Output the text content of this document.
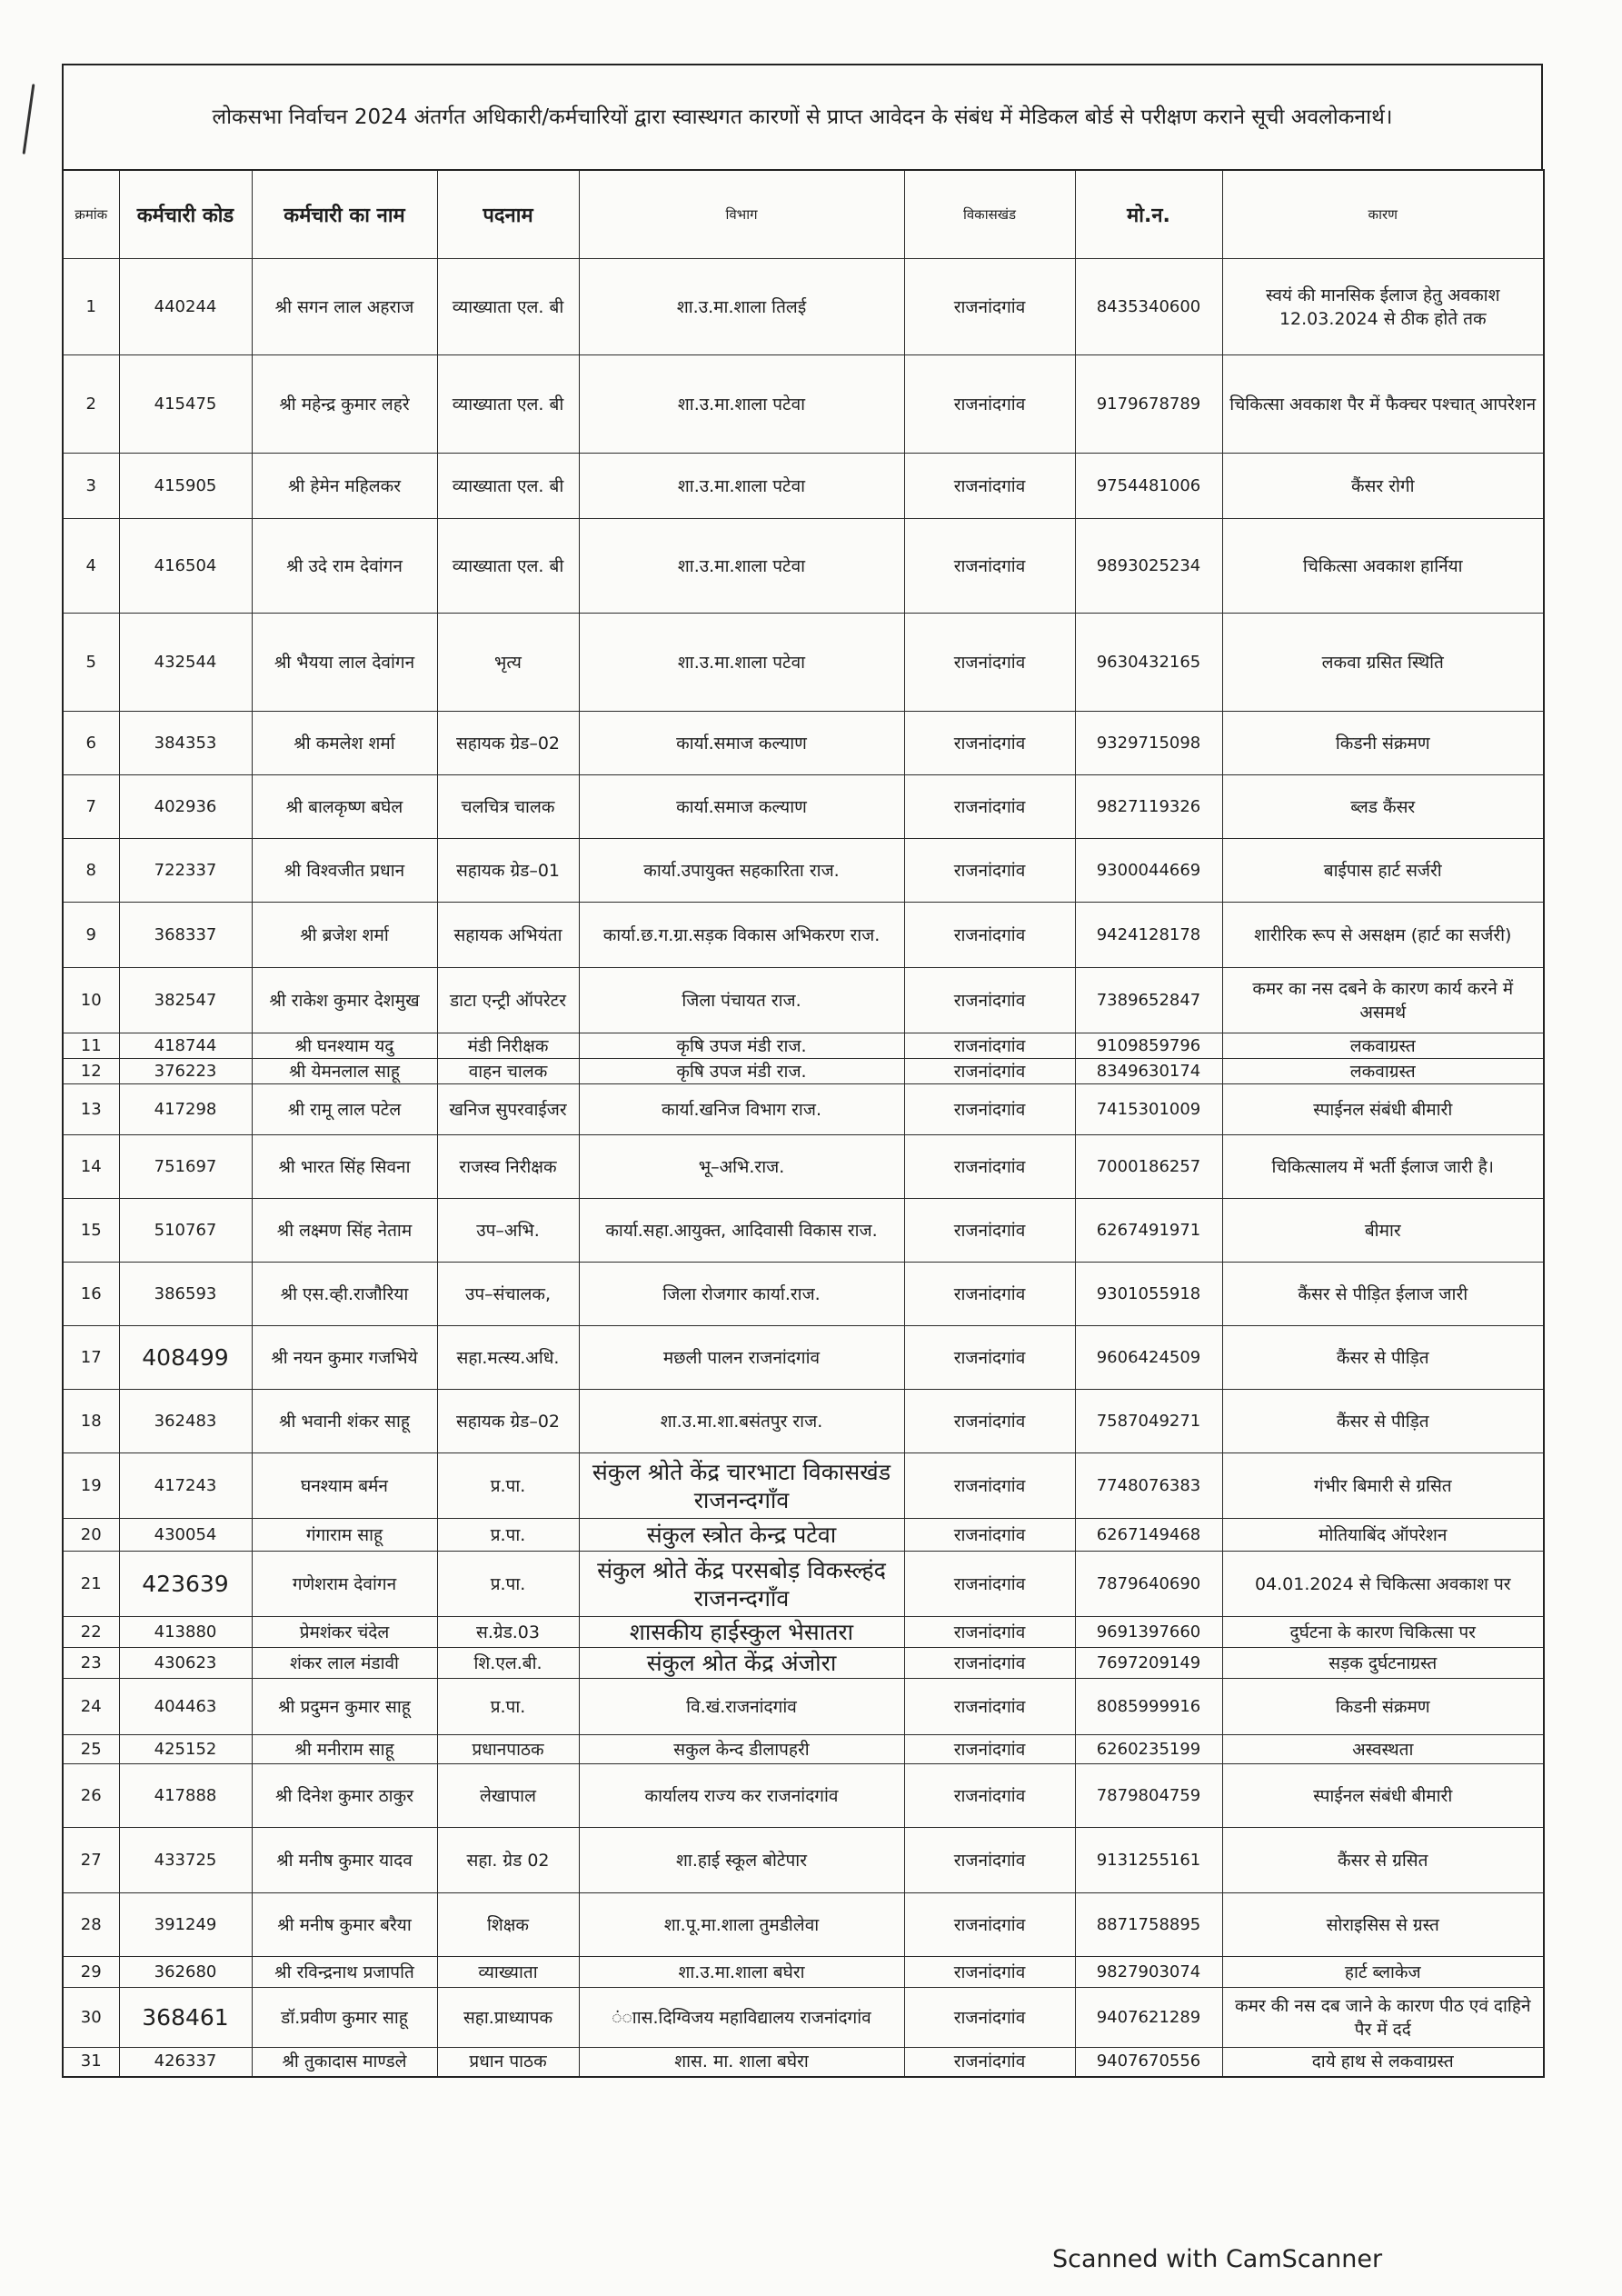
लोकसभा निर्वाचन 2024 अंतर्गत अधिकारी/कर्मचारियों द्वारा स्वास्थगत कारणों से प्राप्त आवेदन के संबंध में मेडिकल बोर्ड से परीक्षण कराने सूची अवलोकनार्थ।
क्रमांक	कर्मचारी कोड	कर्मचारी का नाम	पदनाम	विभाग	विकासखंड	मो.न.	कारण
1	440244	श्री सगन लाल अहराज	व्याख्याता एल. बी	शा.उ.मा.शाला तिलई	राजनांदगांव	8435340600	स्वयं की मानसिक ईलाज हेतु अवकाश 12.03.2024 से ठीक होते तक
2	415475	श्री महेन्द्र कुमार लहरे	व्याख्याता एल. बी	शा.उ.मा.शाला पटेवा	राजनांदगांव	9179678789	चिकित्सा अवकाश पैर में फैक्चर पश्चात् आपरेशन
3	415905	श्री हेमेन महिलकर	व्याख्याता एल. बी	शा.उ.मा.शाला पटेवा	राजनांदगांव	9754481006	कैंसर रोगी
4	416504	श्री उदे राम देवांगन	व्याख्याता एल. बी	शा.उ.मा.शाला पटेवा	राजनांदगांव	9893025234	चिकित्सा अवकाश हार्निया
5	432544	श्री भैयया लाल देवांगन	भृत्य	शा.उ.मा.शाला पटेवा	राजनांदगांव	9630432165	लकवा ग्रसित स्थिति
6	384353	श्री कमलेश शर्मा	सहायक ग्रेड–02	कार्या.समाज कल्याण	राजनांदगांव	9329715098	किडनी संक्रमण
7	402936	श्री बालकृष्ण बघेल	चलचित्र चालक	कार्या.समाज कल्याण	राजनांदगांव	9827119326	ब्लड कैंसर
8	722337	श्री विश्वजीत प्रधान	सहायक ग्रेड–01	कार्या.उपायुक्त सहकारिता राज.	राजनांदगांव	9300044669	बाईपास हार्ट सर्जरी
9	368337	श्री ब्रजेश शर्मा	सहायक अभियंता	कार्या.छ.ग.ग्रा.सड़क विकास अभिकरण राज.	राजनांदगांव	9424128178	शारीरिक रूप से असक्षम (हार्ट का सर्जरी)
10	382547	श्री राकेश कुमार देशमुख	डाटा एन्ट्री ऑपरेटर	जिला पंचायत राज.	राजनांदगांव	7389652847	कमर का नस दबने के कारण कार्य करने में असमर्थ
11	418744	श्री घनश्याम यदु	मंडी निरीक्षक	कृषि उपज मंडी राज.	राजनांदगांव	9109859796	लकवाग्रस्त
12	376223	श्री येमनलाल साहू	वाहन चालक	कृषि उपज मंडी राज.	राजनांदगांव	8349630174	लकवाग्रस्त
13	417298	श्री रामू लाल पटेल	खनिज सुपरवाईजर	कार्या.खनिज विभाग राज.	राजनांदगांव	7415301009	स्पाईनल संबंधी बीमारी
14	751697	श्री भारत सिंह सिवना	राजस्व निरीक्षक	भू–अभि.राज.	राजनांदगांव	7000186257	चिकित्सालय में भर्ती ईलाज जारी है।
15	510767	श्री लक्ष्मण सिंह नेताम	उप–अभि.	कार्या.सहा.आयुक्त, आदिवासी विकास राज.	राजनांदगांव	6267491971	बीमार
16	386593	श्री एस.व्ही.राजौरिया	उप–संचालक,	जिला रोजगार कार्या.राज.	राजनांदगांव	9301055918	कैंसर से पीड़ित ईलाज जारी
17	408499	श्री नयन कुमार गजभिये	सहा.मत्स्य.अधि.	मछली पालन राजनांदगांव	राजनांदगांव	9606424509	कैंसर से पीड़ित
18	362483	श्री भवानी शंकर साहू	सहायक ग्रेड–02	शा.उ.मा.शा.बसंतपुर राज.	राजनांदगांव	7587049271	कैंसर से पीड़ित
19	417243	घनश्याम बर्मन	प्र.पा.	संकुल श्रोते केंद्र चारभाटा विकासखंड राजनन्दगाँव	राजनांदगांव	7748076383	गंभीर बिमारी से ग्रसित
20	430054	गंगाराम साहू	प्र.पा.	संकुल स्त्रोत केन्द्र पटेवा	राजनांदगांव	6267149468	मोतियाबिंद ऑपरेशन
21	423639	गणेशराम देवांगन	प्र.पा.	संकुल श्रोते केंद्र परसबोड़ विकस्ल्हंद राजनन्दगाँव	राजनांदगांव	7879640690	04.01.2024 से चिकित्सा अवकाश पर
22	413880	प्रेमशंकर चंदेल	स.ग्रेड.03	शासकीय हाईस्कुल भेसातरा	राजनांदगांव	9691397660	दुर्घटना के कारण चिकित्सा पर
23	430623	शंकर लाल मंडावी	शि.एल.बी.	संकुल श्रोत केंद्र अंजोरा	राजनांदगांव	7697209149	सड़क दुर्घटनाग्रस्त
24	404463	श्री प्रदुमन कुमार साहू	प्र.पा.	वि.खं.राजनांदगांव	राजनांदगांव	8085999916	किडनी संक्रमण
25	425152	श्री मनीराम साहू	प्रधानपाठक	सकुल केन्द डीलापहरी	राजनांदगांव	6260235199	अस्वस्थता
26	417888	श्री दिनेश कुमार ठाकुर	लेखापाल	कार्यालय राज्य कर राजनांदगांव	राजनांदगांव	7879804759	स्पाईनल संबंधी बीमारी
27	433725	श्री मनीष कुमार यादव	सहा. ग्रेड 02	शा.हाई स्कूल बोटेपार	राजनांदगांव	9131255161	कैंसर से ग्रसित
28	391249	श्री मनीष कुमार बरैया	शिक्षक	शा.पू.मा.शाला तुमडीलेवा	राजनांदगांव	8871758895	सोराइसिस से ग्रस्त
29	362680	श्री रविन्द्रनाथ प्रजापति	व्याख्याता	शा.उ.मा.शाला बघेरा	राजनांदगांव	9827903074	हार्ट ब्लाकेज
30	368461	डॉ.प्रवीण कुमार साहू	सहा.प्राध्यापक	ंाास.दिग्विजय महाविद्यालय राजनांदगांव	राजनांदगांव	9407621289	कमर की नस दब जाने के कारण पीठ एवं दाहिने पैर में दर्द
31	426337	श्री तुकादास माण्डले	प्रधान पाठक	शास. मा. शाला बघेरा	राजनांदगांव	9407670556	दाये हाथ से लकवाग्रस्त
Scanned with CamScanner
